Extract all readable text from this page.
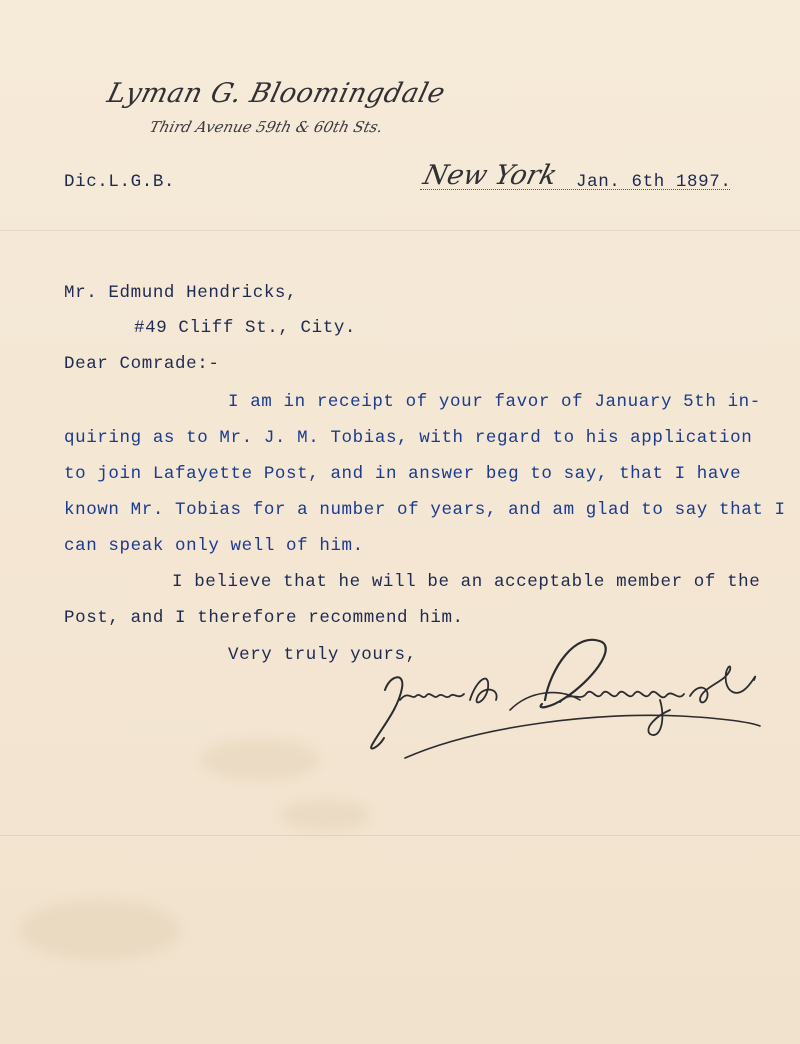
Lyman G. Bloomingdale
Third Avenue 59th & 60th Sts.
Dic.L.G.B.	New York Jan. 6th 1897.
Mr. Edmund Hendricks,
#49 Cliff St., City.
Dear Comrade:-
I am in receipt of your favor of January 5th in-
quiring as to Mr. J. M. Tobias, with regard to his application
to join Lafayette Post, and in answer beg to say, that I have
known Mr. Tobias for a number of years, and am glad to say that I
can speak only well of him.
I believe that he will be an acceptable member of the
Post, and I therefore recommend him.
Very truly yours,
